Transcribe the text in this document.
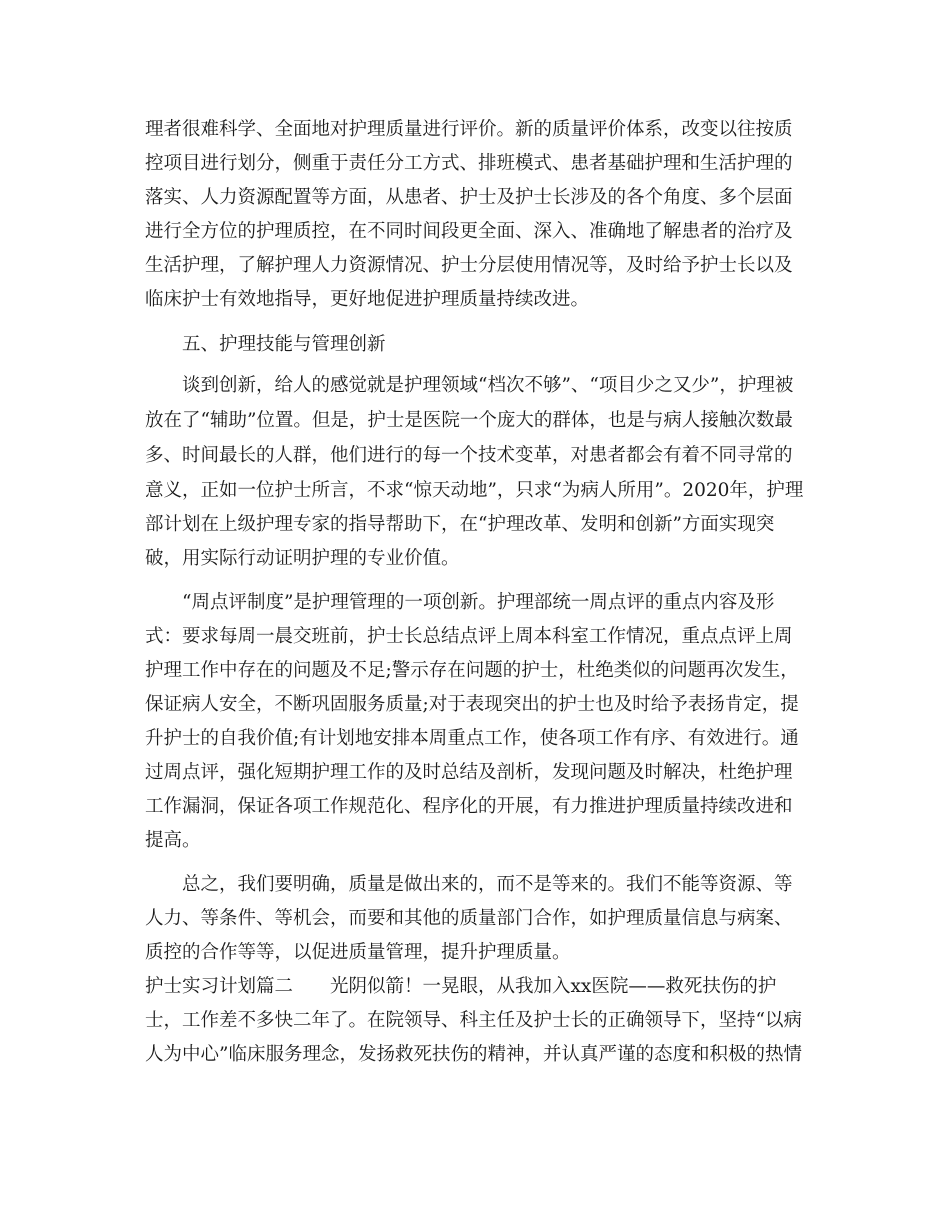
理者很难科学、全面地对护理质量进行评价。新的质量评价体系，改变以往按质
控项目进行划分，侧重于责任分工方式、排班模式、患者基础护理和生活护理的
落实、人力资源配置等方面，从患者、护士及护士长涉及的各个角度、多个层面
进行全方位的护理质控，在不同时间段更全面、深入、准确地了解患者的治疗及
生活护理，了解护理人力资源情况、护士分层使用情况等，及时给予护士长以及
临床护士有效地指导，更好地促进护理质量持续改进。
五、护理技能与管理创新
谈到创新，给人的感觉就是护理领域“档次不够”、“项目少之又少”，护理被
放在了“辅助”位置。但是，护士是医院一个庞大的群体，也是与病人接触次数最
多、时间最长的人群，他们进行的每一个技术变革，对患者都会有着不同寻常的
意义，正如一位护士所言，不求“惊天动地”，只求“为病人所用”。2020年，护理
部计划在上级护理专家的指导帮助下，在“护理改革、发明和创新”方面实现突
破，用实际行动证明护理的专业价值。
“周点评制度”是护理管理的一项创新。护理部统一周点评的重点内容及形
式：要求每周一晨交班前，护士长总结点评上周本科室工作情况，重点点评上周
护理工作中存在的问题及不足;警示存在问题的护士，杜绝类似的问题再次发生，
保证病人安全，不断巩固服务质量;对于表现突出的护士也及时给予表扬肯定，提
升护士的自我价值;有计划地安排本周重点工作，使各项工作有序、有效进行。通
过周点评，强化短期护理工作的及时总结及剖析，发现问题及时解决，杜绝护理
工作漏洞，保证各项工作规范化、程序化的开展，有力推进护理质量持续改进和
提高。
总之，我们要明确，质量是做出来的，而不是等来的。我们不能等资源、等
人力、等条件、等机会，而要和其他的质量部门合作，如护理质量信息与病案、
质控的合作等等，以促进质量管理，提升护理质量。
护士实习计划篇二　　光阴似箭！一晃眼，从我加入xx医院——救死扶伤的护
士，工作差不多快二年了。在院领导、科主任及护士长的正确领导下，坚持“以病
人为中心”临床服务理念，发扬救死扶伤的精神，并认真严谨的态度和积极的热情
